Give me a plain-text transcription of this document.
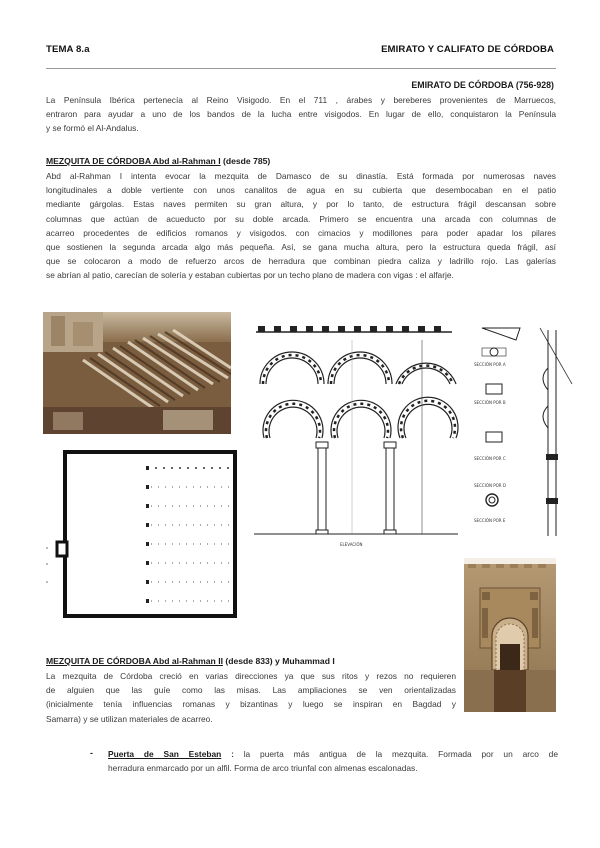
TEMA 8.a	EMIRATO Y CALIFATO DE CÓRDOBA
EMIRATO DE CÓRDOBA (756-928)

La Península Ibérica pertenecía al Reino Visigodo. En el 711 , árabes y bereberes provenientes de Marruecos,

entraron para ayudar a uno de los bandos de la lucha entre visigodos. En lugar de ello, conquistaron la Península

y se formó el Al-Andalus.

MEZQUITA DE CÓRDOBA Abd al-Rahman I (desde 785)

Abd al-Rahman I intenta evocar la mezquita de Damasco de su dinastía. Está formada por numerosas naves

longitudinales a doble vertiente con unos canalitos de agua en su cubierta que desembocaban en el patio

mediante gárgolas. Estas naves permiten su gran altura, y por lo tanto, de estructura frágil descansan sobre

columnas que actúan de acueducto por su doble arcada. Primero se encuentra una arcada con columnas de

acarreo procedentes de edificios romanos y visigodos. con cimacios y modillones para poder apadar los pilares

que sostienen la segunda arcada algo más pequeña. Así, se gana mucha altura, pero la estructura queda frágil, así

que se colocaron a modo de refuerzo arcos de herradura que combinan piedra caliza y ladrillo rojo. Las galerías

se abrían al patio, carecían de solería y estaban cubiertas por un techo plano de madera con vigas : el alfarje.

ELEVACIÓN
SECCIÓN POR A
SECCIÓN POR B
SECCIÓN POR C
SECCIÓN POR D
SECCIÓN POR E
MEZQUITA DE CÓRDOBA Abd al-Rahman II (desde 833) y Muhammad I

La mezquita de Córdoba creció en varias direcciones ya que sus ritos y rezos no requieren

de alguien que las guíe como las misas. Las ampliaciones se ven orientalizadas

(inicialmente tenía influencias romanas y bizantinas y luego se inspiran en Bagdad y

Samarra) y se utilizan materiales de acarreo.

- Puerta de San Esteban : la puerta más antigua de la mezquita. Formada por un arco de

herradura enmarcado por un alfil. Forma de arco triunfal con almenas escalonadas.
